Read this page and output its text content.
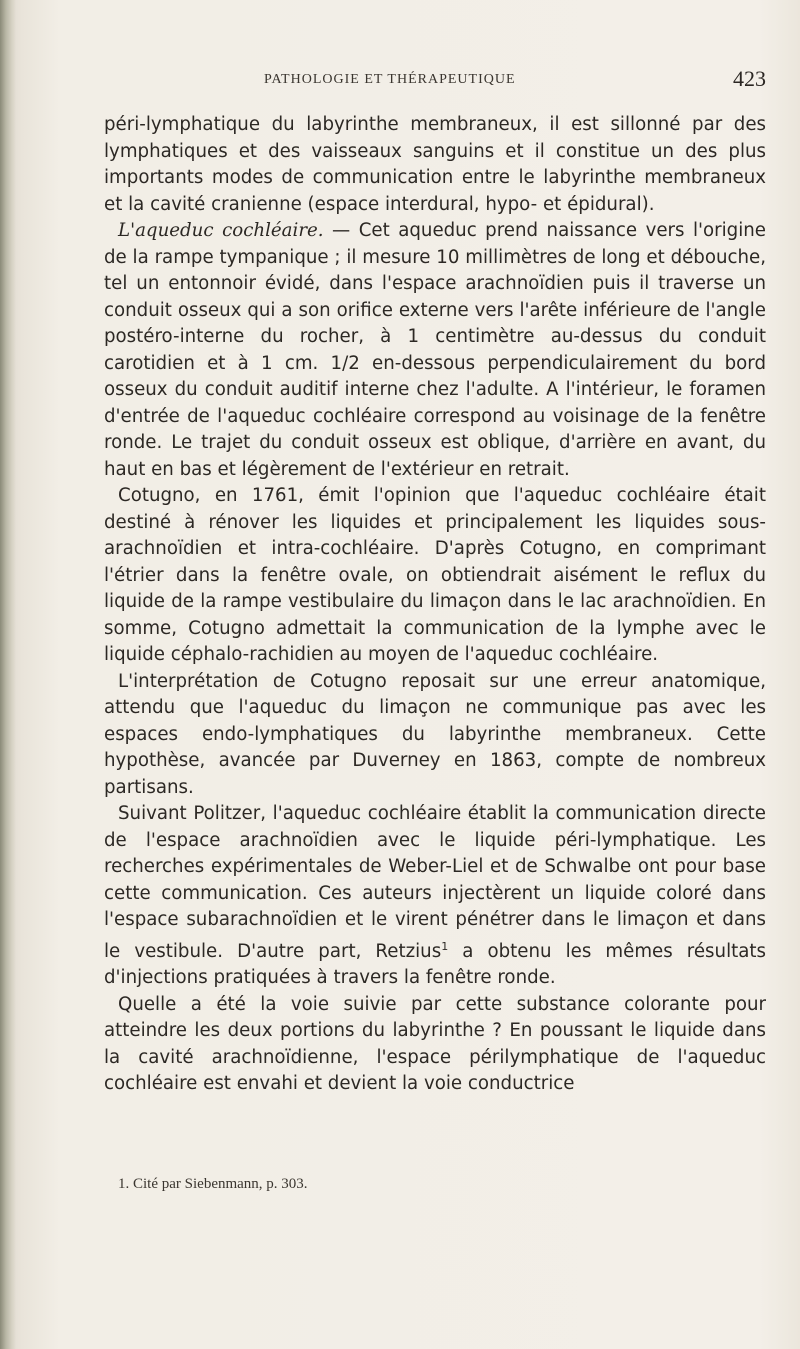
PATHOLOGIE ET THÉRAPEUTIQUE	423

péri-lymphatique du labyrinthe membraneux, il est sillonné par des lymphatiques et des vaisseaux sanguins et il constitue un des plus importants modes de communication entre le labyrinthe membraneux et la cavité cranienne (espace interdural, hypo- et épidural).

L'aqueduc cochléaire. — Cet aqueduc prend naissance vers l'origine de la rampe tympanique ; il mesure 10 millimètres de long et débouche, tel un entonnoir évidé, dans l'espace arachnoïdien puis il traverse un conduit osseux qui a son orifice externe vers l'arête inférieure de l'angle postéro-interne du rocher, à 1 centimètre au-dessus du conduit carotidien et à 1 cm. 1/2 en-dessous perpendiculairement du bord osseux du conduit auditif interne chez l'adulte. A l'intérieur, le foramen d'entrée de l'aqueduc cochléaire correspond au voisinage de la fenêtre ronde. Le trajet du conduit osseux est oblique, d'arrière en avant, du haut en bas et légèrement de l'extérieur en retrait.

Cotugno, en 1761, émit l'opinion que l'aqueduc cochléaire était destiné à rénover les liquides et principalement les liquides sous-arachnoïdien et intra-cochléaire. D'après Cotugno, en comprimant l'étrier dans la fenêtre ovale, on obtiendrait aisément le reflux du liquide de la rampe vestibulaire du limaçon dans le lac arachnoïdien. En somme, Cotugno admettait la communication de la lymphe avec le liquide céphalo-rachidien au moyen de l'aqueduc cochléaire.

L'interprétation de Cotugno reposait sur une erreur anatomique, attendu que l'aqueduc du limaçon ne communique pas avec les espaces endo-lymphatiques du labyrinthe membraneux. Cette hypothèse, avancée par Duverney en 1863, compte de nombreux partisans.

Suivant Politzer, l'aqueduc cochléaire établit la communication directe de l'espace arachnoïdien avec le liquide péri-lymphatique. Les recherches expérimentales de Weber-Liel et de Schwalbe ont pour base cette communication. Ces auteurs injectèrent un liquide coloré dans l'espace subarachnoïdien et le virent pénétrer dans le limaçon et dans le vestibule. D'autre part, Retzius$^1$ a obtenu les mêmes résultats d'injections pratiquées à travers la fenêtre ronde.

Quelle a été la voie suivie par cette substance colorante pour atteindre les deux portions du labyrinthe ? En poussant le liquide dans la cavité arachnoïdienne, l'espace périlymphatique de l'aqueduc cochléaire est envahi et devient la voie conductrice

1. Cité par Siebenmann, p. 303.
